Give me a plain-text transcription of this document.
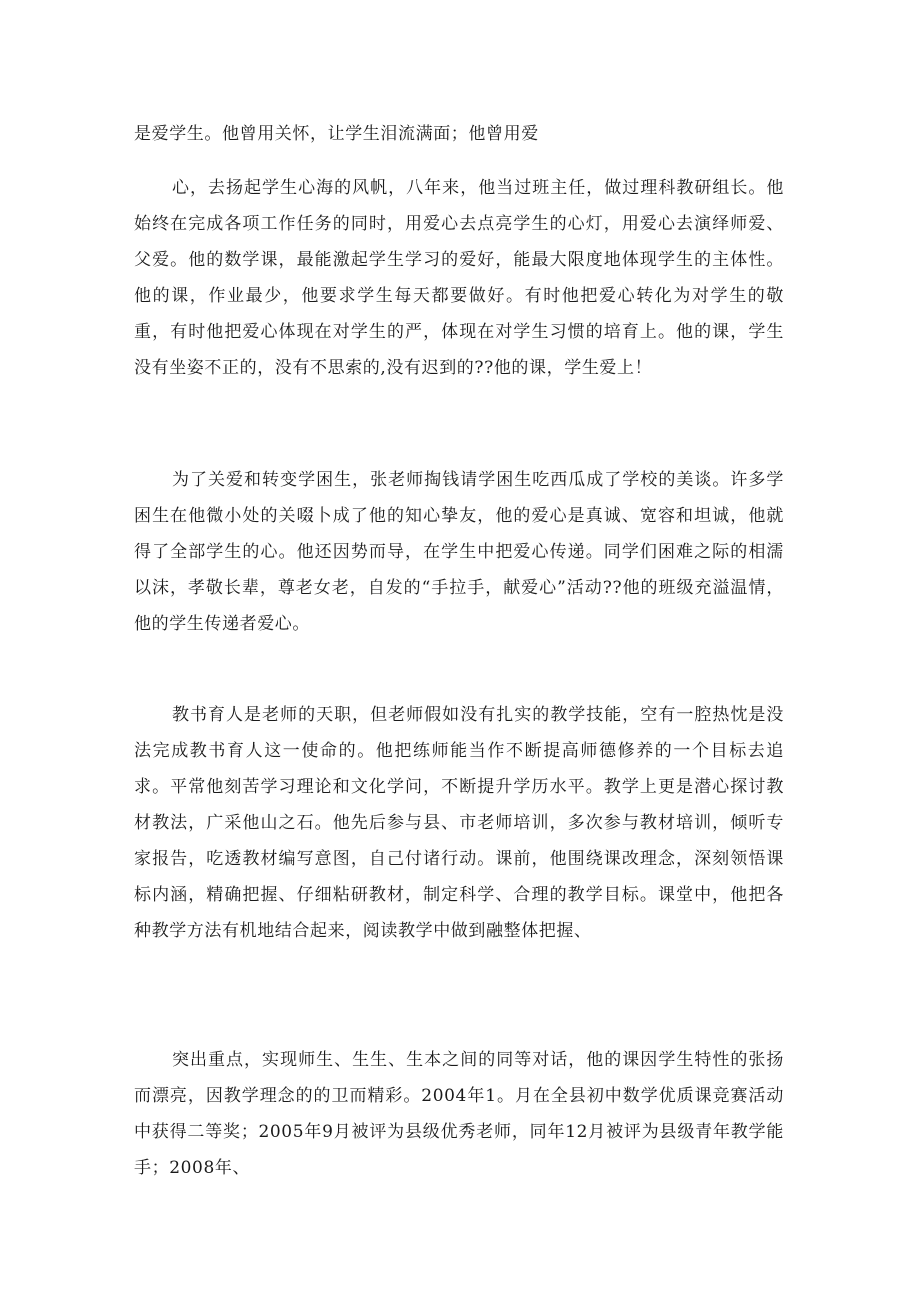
是爱学生。他曾用关怀，让学生泪流满面；他曾用爱

心，去扬起学生心海的风帆，八年来，他当过班主任，做过理科教研组长。他始终在完成各项工作任务的同时，用爱心去点亮学生的心灯，用爱心去演绎师爱、父爱。他的数学课，最能激起学生学习的爱好，能最大限度地体现学生的主体性。他的课，作业最少，他要求学生每天都要做好。有时他把爱心转化为对学生的敬重，有时他把爱心体现在对学生的严，体现在对学生习惯的培育上。他的课，学生没有坐姿不正的，没有不思索的,没有迟到的??他的课，学生爱上！

为了关爱和转变学困生，张老师掏钱请学困生吃西瓜成了学校的美谈。许多学困生在他微小处的关啜卜成了他的知心挚友，他的爱心是真诚、宽容和坦诚，他就得了全部学生的心。他还因势而导，在学生中把爱心传递。同学们困难之际的相濡以沫，孝敬长辈，尊老女老，自发的“手拉手，献爱心”活动??他的班级充溢温情，他的学生传递者爱心。

教书育人是老师的天职，但老师假如没有扎实的教学技能，空有一腔热忱是没法完成教书育人这一使命的。他把练师能当作不断提高师德修养的一个目标去追求。平常他刻苦学习理论和文化学问，不断提升学历水平。教学上更是潜心探讨教材教法，广采他山之石。他先后参与县、市老师培训，多次参与教材培训，倾听专家报告，吃透教材编写意图，自己付诸行动。课前，他围绕课改理念，深刻领悟课标内涵，精确把握、仔细粘研教材，制定科学、合理的教学目标。课堂中，他把各种教学方法有机地结合起来，阅读教学中做到融整体把握、

突出重点，实现师生、生生、生本之间的同等对话，他的课因学生特性的张扬而漂亮，因教学理念的的卫而精彩。2004年1。月在全县初中数学优质课竞赛活动中获得二等奖；2005年9月被评为县级优秀老师，同年12月被评为县级青年教学能手；2008年、
